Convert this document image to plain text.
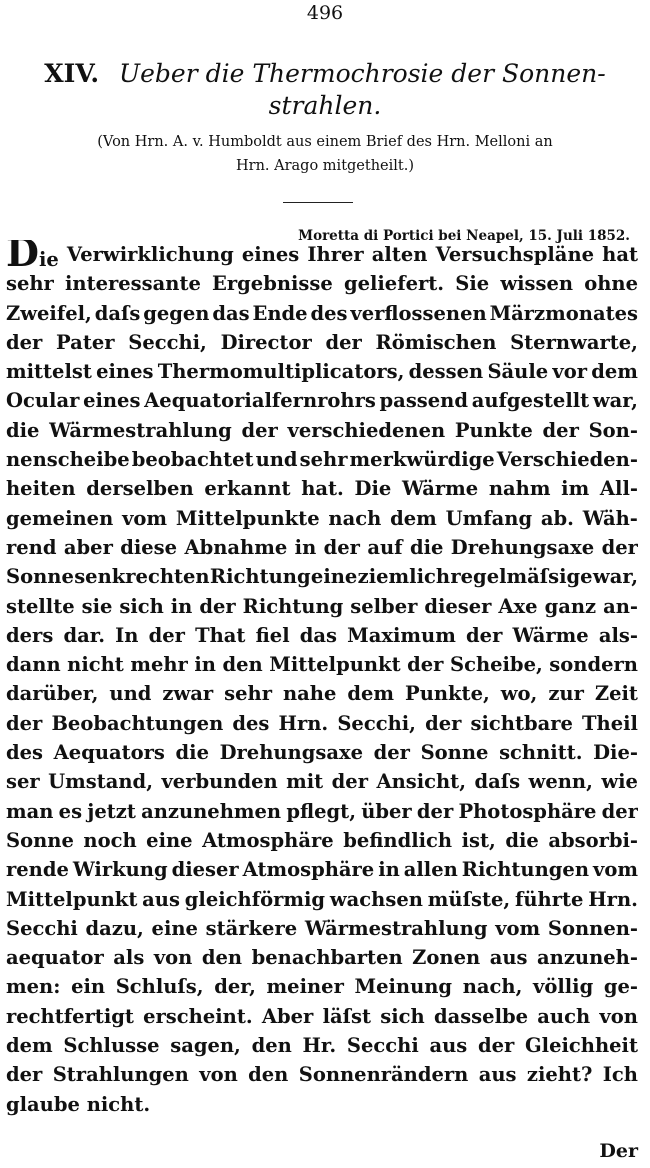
496
XIV. Ueber die Thermochrosie der Sonnen-strahlen.
(Von Hrn. A. v. Humboldt aus einem Brief des Hrn. Melloni an
Hrn. Arago mitgetheilt.)
Moretta di Portici bei Neapel, 15. Juli 1852.
Die Verwirklichung eines Ihrer alten Versuchspläne hat
sehr interessante Ergebnisse geliefert. Sie wissen ohne
Zweifel, daſs gegen das Ende des verflossenen Märzmonates
der Pater Secchi, Director der Römischen Sternwarte,
mittelst eines Thermomultiplicators, dessen Säule vor dem
Ocular eines Aequatorialfernrohrs passend aufgestellt war,
die Wärmestrahlung der verschiedenen Punkte der Son-
nenscheibe beobachtet und sehr merkwürdige Verschieden-
heiten derselben erkannt hat. Die Wärme nahm im All-
gemeinen vom Mittelpunkte nach dem Umfang ab. Wäh-
rend aber diese Abnahme in der auf die Drehungsaxe der
Sonne senkrechten Richtung eine ziemlich regelmäſsige war,
stellte sie sich in der Richtung selber dieser Axe ganz an-
ders dar. In der That fiel das Maximum der Wärme als-
dann nicht mehr in den Mittelpunkt der Scheibe, sondern
darüber, und zwar sehr nahe dem Punkte, wo, zur Zeit
der Beobachtungen des Hrn. Secchi, der sichtbare Theil
des Aequators die Drehungsaxe der Sonne schnitt. Die-
ser Umstand, verbunden mit der Ansicht, daſs wenn, wie
man es jetzt anzunehmen pflegt, über der Photosphäre der
Sonne noch eine Atmosphäre befindlich ist, die absorbi-
rende Wirkung dieser Atmosphäre in allen Richtungen vom
Mittelpunkt aus gleichförmig wachsen müſste, führte Hrn.
Secchi dazu, eine stärkere Wärmestrahlung vom Sonnen-
aequator als von den benachbarten Zonen aus anzuneh-
men: ein Schluſs, der, meiner Meinung nach, völlig ge-
rechtfertigt erscheint. Aber läſst sich dasselbe auch von
dem Schlusse sagen, den Hr. Secchi aus der Gleichheit
der Strahlungen von den Sonnenrändern aus zieht? Ich
glaube
nicht.
Der
